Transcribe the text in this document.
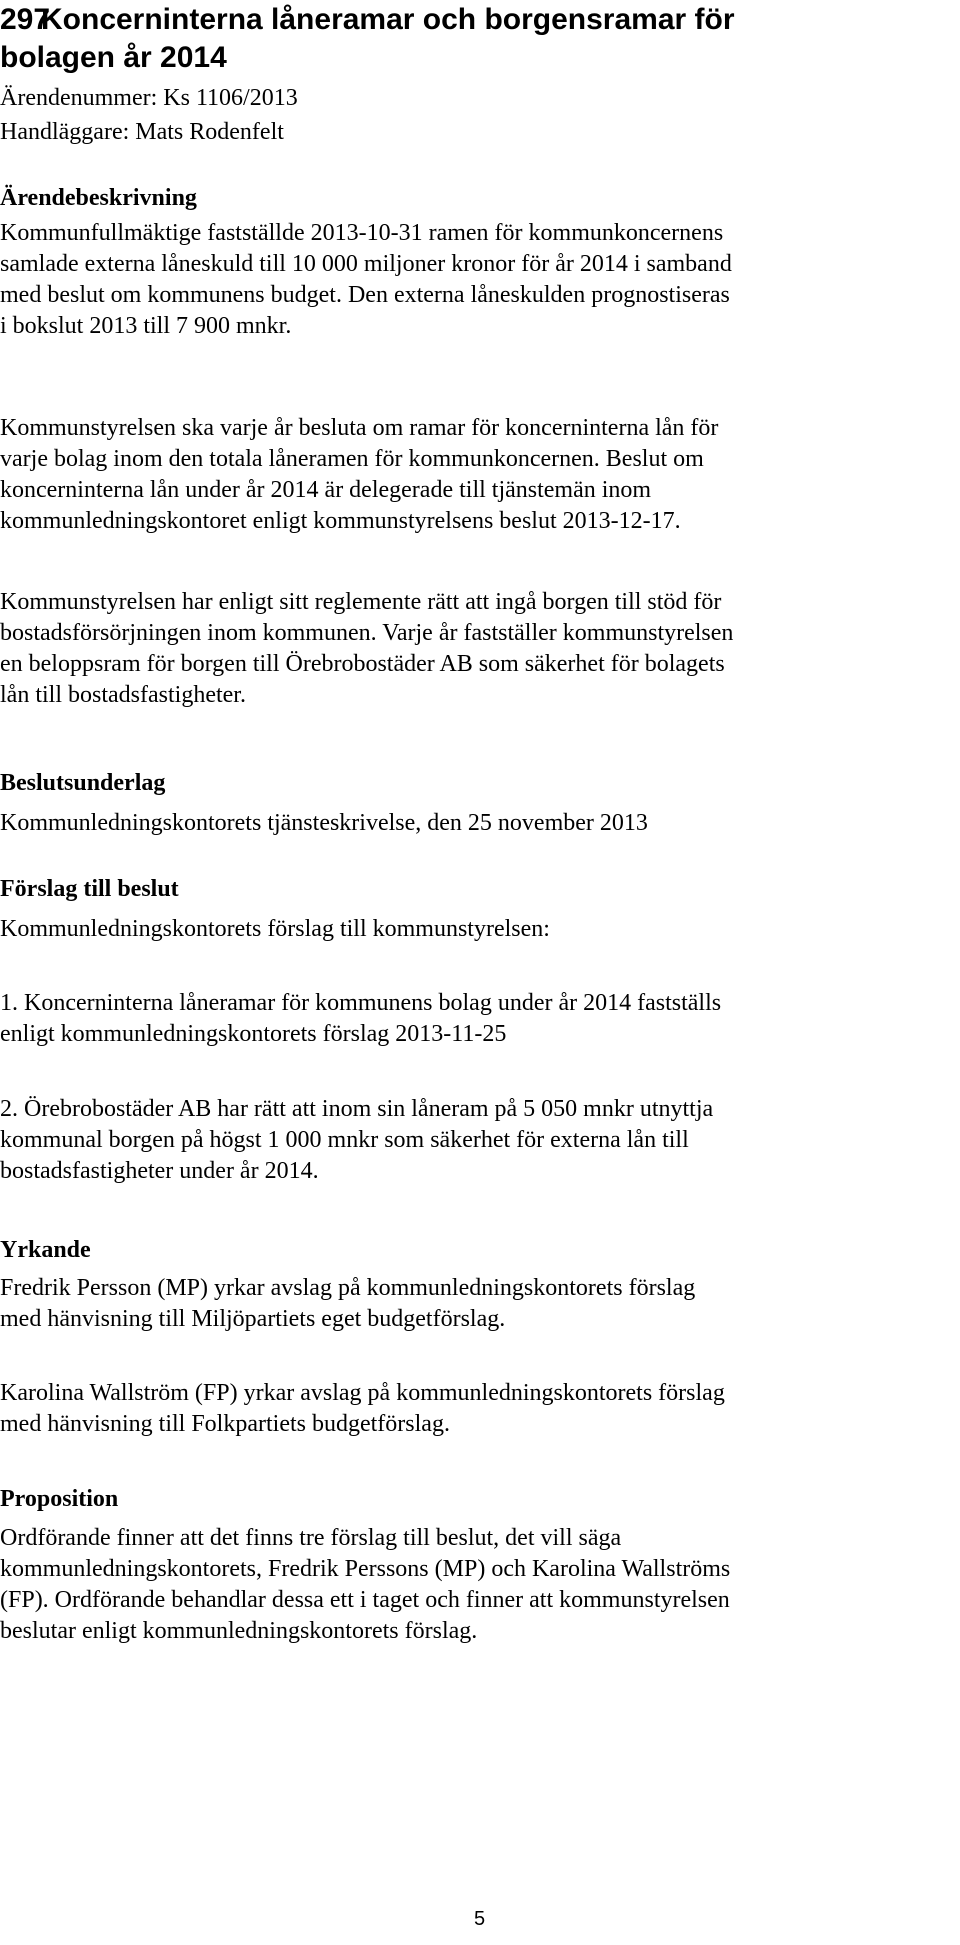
297
Koncerninterna låneramar och borgensramar för
bolagen år 2014
Ärendenummer: Ks 1106/2013
Handläggare: Mats Rodenfelt
Ärendebeskrivning
Kommunfullmäktige fastställde 2013-10-31 ramen för kommunkoncernens
samlade externa låneskuld till 10 000 miljoner kronor för år 2014 i samband
med beslut om kommunens budget. Den externa låneskulden prognostiseras
i bokslut 2013 till 7 900 mnkr.
Kommunstyrelsen ska varje år besluta om ramar för koncerninterna lån för
varje bolag inom den totala låneramen för kommunkoncernen. Beslut om
koncerninterna lån under år 2014 är delegerade till tjänstemän inom
kommunledningskontoret enligt kommunstyrelsens beslut 2013-12-17.
Kommunstyrelsen har enligt sitt reglemente rätt att ingå borgen till stöd för
bostadsförsörjningen inom kommunen. Varje år fastställer kommunstyrelsen
en beloppsram för borgen till Örebrobostäder AB som säkerhet för bolagets
lån till bostadsfastigheter.
Beslutsunderlag
Kommunledningskontorets tjänsteskrivelse, den 25 november 2013
Förslag till beslut
Kommunledningskontorets förslag till kommunstyrelsen:
1. Koncerninterna låneramar för kommunens bolag under år 2014 fastställs
enligt kommunledningskontorets förslag 2013-11-25
2. Örebrobostäder AB har rätt att inom sin låneram på 5 050 mnkr utnyttja
kommunal borgen på högst 1 000 mnkr som säkerhet för externa lån till
bostadsfastigheter under år 2014.
Yrkande
Fredrik Persson (MP) yrkar avslag på kommunledningskontorets förslag
med hänvisning till Miljöpartiets eget budgetförslag.
Karolina Wallström (FP) yrkar avslag på kommunledningskontorets förslag
med hänvisning till Folkpartiets budgetförslag.
Proposition
Ordförande finner att det finns tre förslag till beslut, det vill säga
kommunledningskontorets, Fredrik Perssons (MP) och Karolina Wallströms
(FP). Ordförande behandlar dessa ett i taget och finner att kommunstyrelsen
beslutar enligt kommunledningskontorets förslag.
5
